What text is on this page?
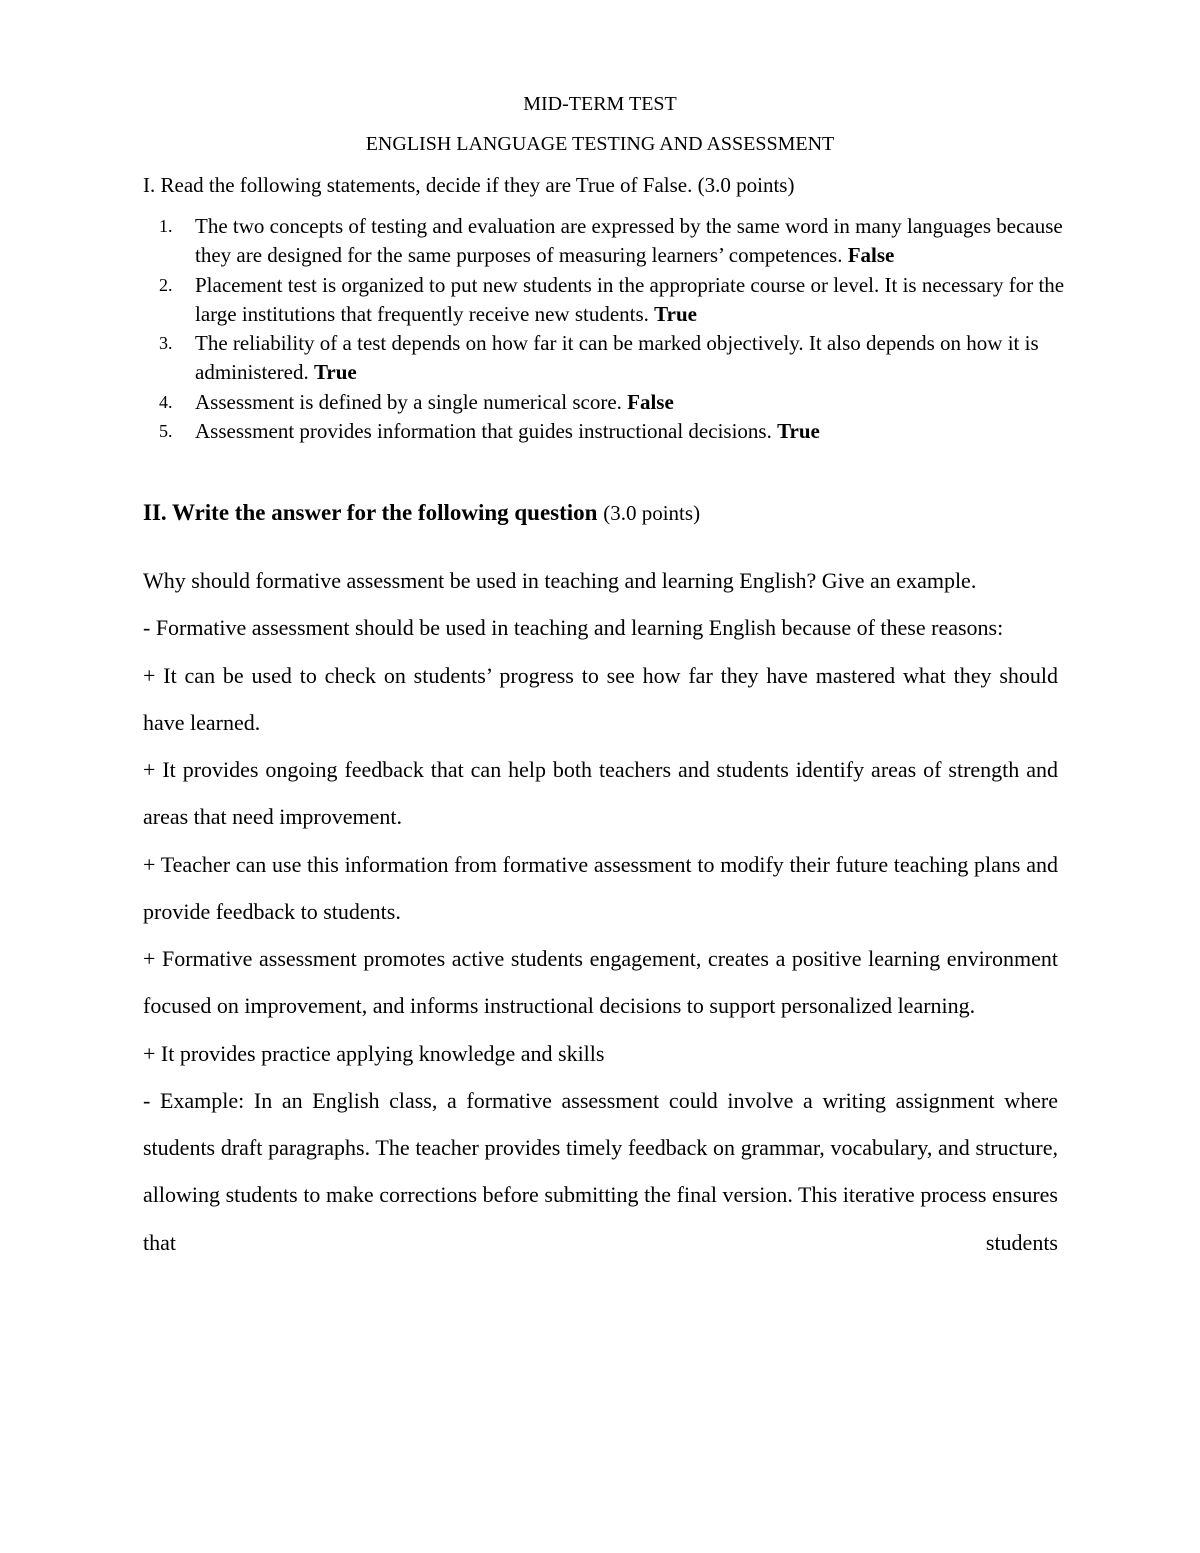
MID-TERM TEST
ENGLISH LANGUAGE TESTING AND ASSESSMENT
I. Read the following statements, decide if they are True of False. (3.0 points)
1. The two concepts of testing and evaluation are expressed by the same word in many languages because they are designed for the same purposes of measuring learners’ competences. False
2. Placement test is organized to put new students in the appropriate course or level. It is necessary for the large institutions that frequently receive new students. True
3. The reliability of a test depends on how far it can be marked objectively. It also depends on how it is administered. True
4. Assessment is defined by a single numerical score. False
5. Assessment provides information that guides instructional decisions. True
II. Write the answer for the following question (3.0 points)

Why should formative assessment be used in teaching and learning English? Give an example.

- Formative assessment should be used in teaching and learning English because of these reasons:

+ It can be used to check on students’ progress to see how far they have mastered what they should have learned.

+ It provides ongoing feedback that can help both teachers and students identify areas of strength and areas that need improvement.

+ Teacher can use this information from formative assessment to modify their future teaching plans and provide feedback to students.

+ Formative assessment promotes active students engagement, creates a positive learning environment focused on improvement, and informs instructional decisions to support personalized learning.

+ It provides practice applying knowledge and skills

- Example: In an English class, a formative assessment could involve a writing assignment where students draft paragraphs. The teacher provides timely feedback on grammar, vocabulary, and structure, allowing students to make corrections before submitting the final version. This iterative process ensures that students
